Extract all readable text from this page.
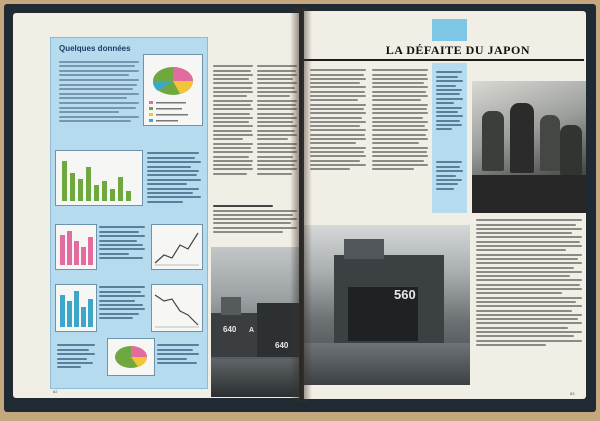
Quelques données
640 A
640
82
LA DÉFAITE DU JAPON
560
83
